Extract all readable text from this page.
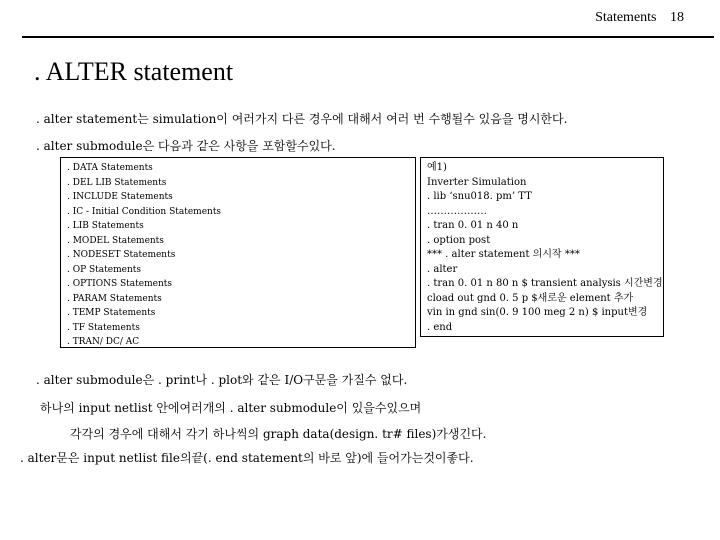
Statements 18
. ALTER statement
. alter statement는 simulation이 여러가지 다른 경우에 대해서 여러 번 수행될수 있음을 명시한다.
. alter submodule은 다음과 같은 사항을 포함할수있다.
. DATA Statements
. DEL LIB Statements
. INCLUDE Statements
. IC - Initial Condition Statements
. LIB Statements
. MODEL Statements
. NODESET Statements
. OP Statements
. OPTIONS Statements
. PARAM Statements
. TEMP Statements
. TF Statements
. TRAN/ DC/ AC
예1)
Inverter Simulation
. lib ‘snu018. pm’ TT
………………
. tran 0. 01 n 40 n
. option post
*** . alter statement 의시작 ***
. alter
. tran 0. 01 n 80 n $ transient analysis 시간변경
cload out gnd 0. 5 p $새로운 element 추가
vin in gnd sin(0. 9 100 meg 2 n) $ input변경
. end
. alter submodule은 . print나 . plot와 같은 I/O구문을 가질수 없다.
하나의 input netlist 안에여러개의 . alter submodule이 있을수있으며
각각의 경우에 대해서 각기 하나씩의 graph data(design. tr# files)가생긴다.
. alter문은 input netlist file의끝(. end statement의 바로 앞)에 들어가는것이좋다.
